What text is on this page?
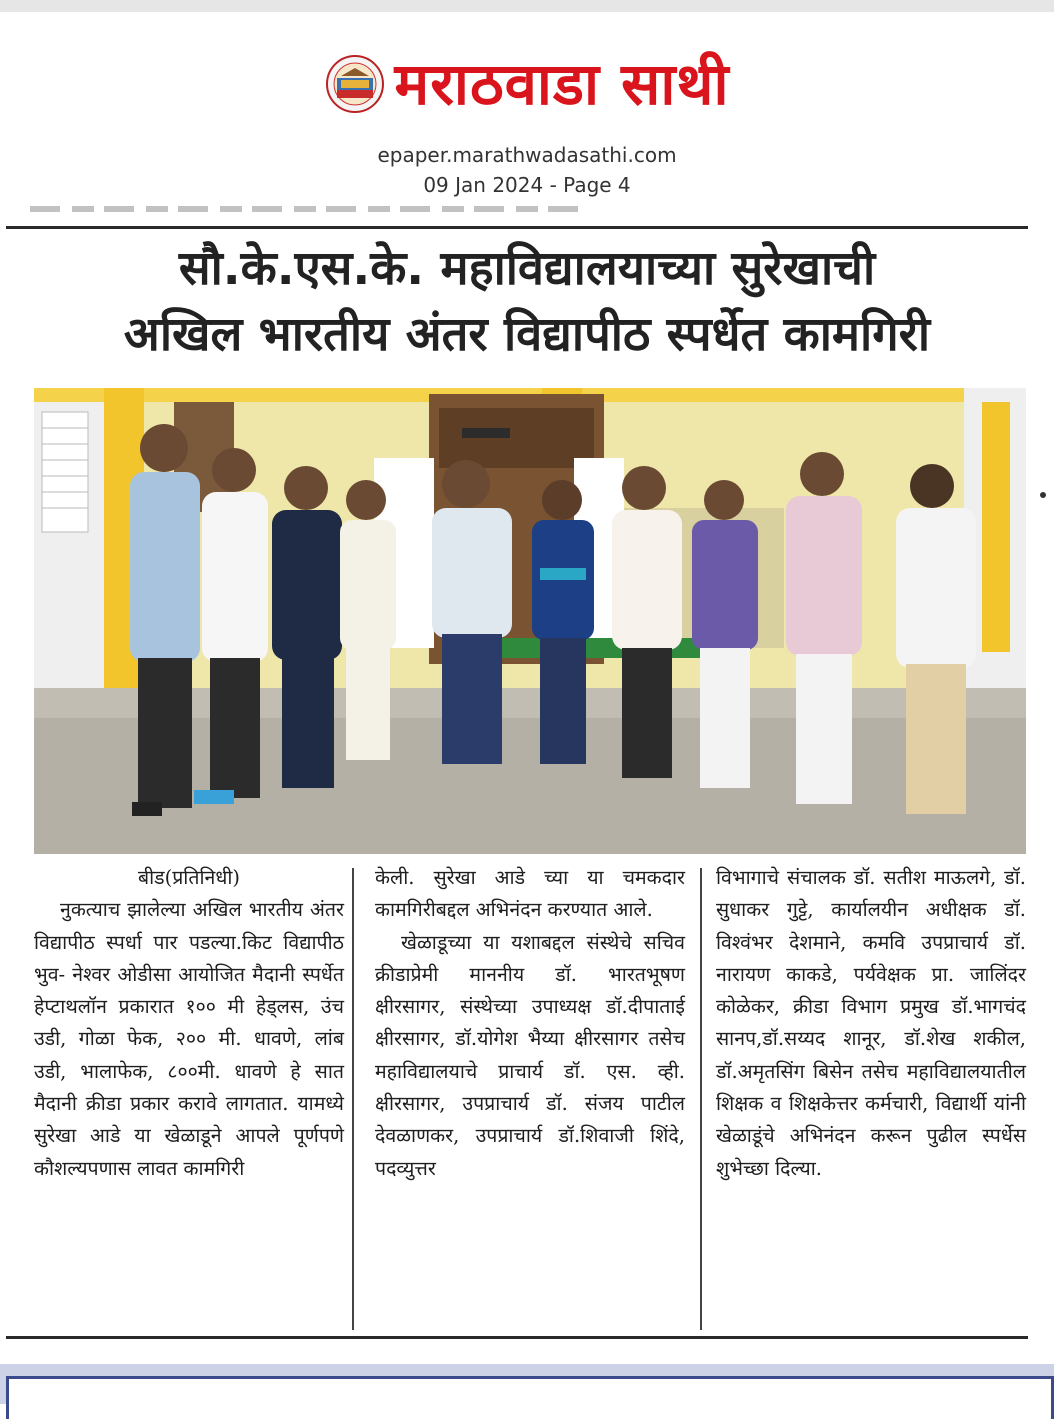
मराठवाडा साथी
epaper.marathwadasathi.com
09 Jan 2024 - Page 4
सौ.के.एस.के. महाविद्यालयाच्या सुरेखाची
अखिल भारतीय अंतर विद्यापीठ स्पर्धेत कामगिरी

बीड(प्रतिनिधी)

नुकत्याच झालेल्या अखिल भारतीय अंतर विद्यापीठ स्पर्धा पार पडल्या.किट विद्यापीठ भुव- नेश्वर ओडीसा आयोजित मैदानी स्पर्धेत हेप्टाथलॉन प्रकारात १०० मी हेड्लस, उंच उडी, गोळा फेक, २०० मी. धावणे, लांब उडी, भालाफेक, ८००मी. धावणे हे सात मैदानी क्रीडा प्रकार करावे लागतात. यामध्ये सुरेखा आडे या खेळाडूने आपले पूर्णपणे कौशल्यपणास लावत कामगिरी

केली. सुरेखा आडे च्या या चमकदार कामगिरीबद्दल अभिनंदन करण्यात आले.

खेळाडूच्या या यशाबद्दल संस्थेचे सचिव क्रीडाप्रेमी माननीय डॉ. भारतभूषण क्षीरसागर, संस्थेच्या उपाध्यक्ष डॉ.दीपाताई क्षीरसागर, डॉ.योगेश भैय्या क्षीरसागर तसेच महाविद्यालयाचे प्राचार्य डॉ. एस. व्ही. क्षीरसागर, उपप्राचार्य डॉ. संजय पाटील देवळाणकर, उपप्राचार्य डॉ.शिवाजी शिंदे, पदव्युत्तर

विभागाचे संचालक डॉ. सतीश माऊलगे, डॉ. सुधाकर गुट्टे, कार्यालयीन अधीक्षक डॉ. विश्वंभर देशमाने, कमवि उपप्राचार्य डॉ. नारायण काकडे, पर्यवेक्षक प्रा. जालिंदर कोळेकर, क्रीडा विभाग प्रमुख डॉ.भागचंद सानप,डॉ.सय्यद शानूर, डॉ.शेख शकील, डॉ.अमृतसिंग बिसेन तसेच महाविद्यालयातील शिक्षक व शिक्षकेत्तर कर्मचारी, विद्यार्थी यांनी खेळाडूंचे अभिनंदन करून पुढील स्पर्धेस शुभेच्छा दिल्या.
